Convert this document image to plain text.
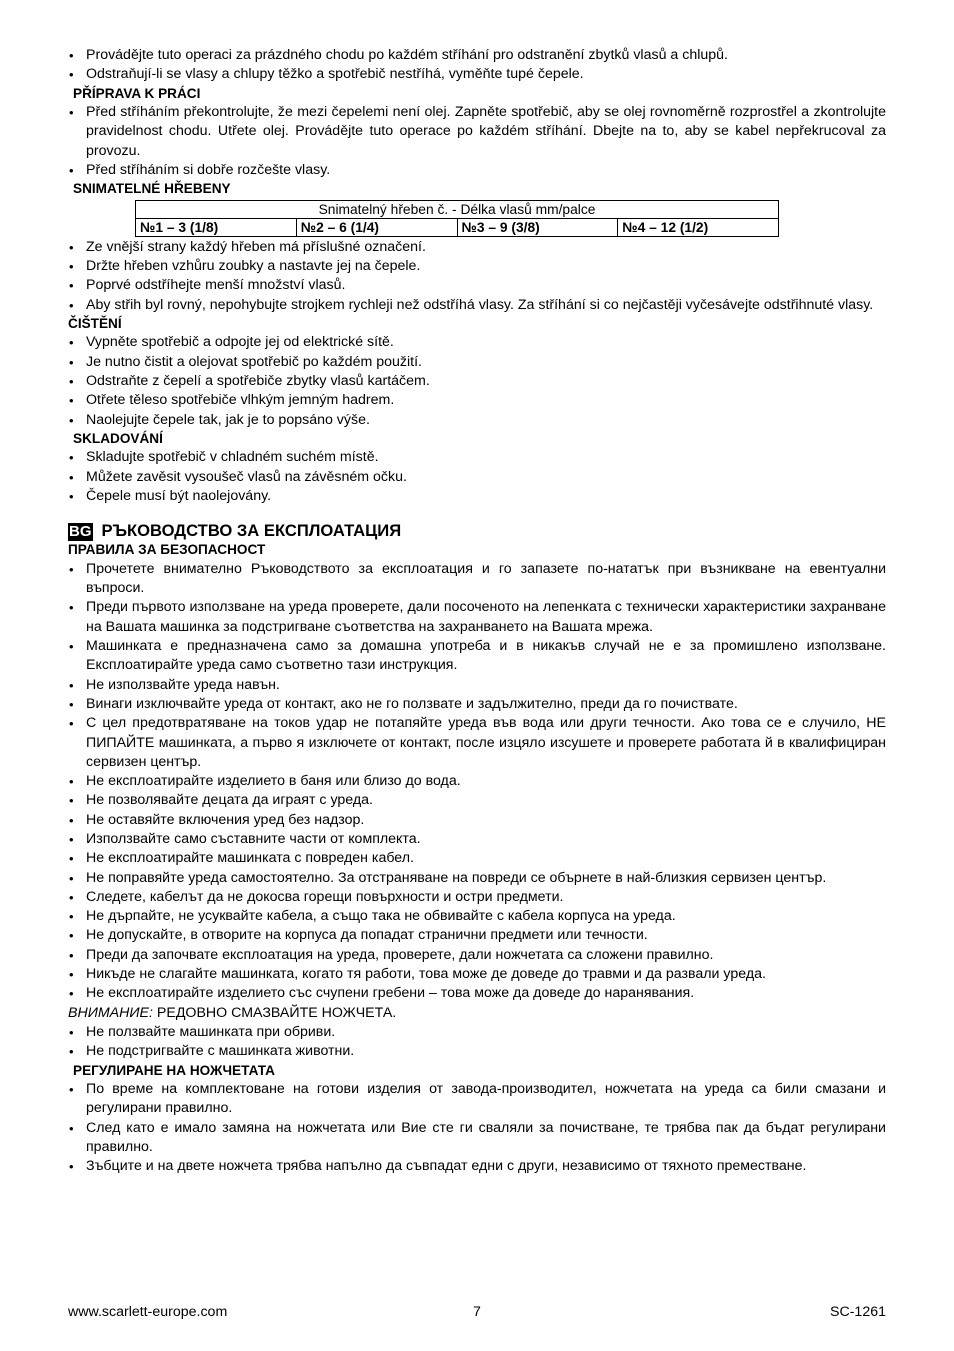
• Provádějte tuto operaci za prázdného chodu po každém stříhání pro odstranění zbytků vlasů a chlupů.
• Odstraňují-li se vlasy a chlupy těžko a spotřebič nestříhá, vyměňte tupé čepele.
PŘÍPRAVA K PRÁCI
• Před stříháním překontrolujte, že mezi čepelemi není olej. Zapněte spotřebič, aby se olej rovnoměrně rozprostřel a zkontrolujte pravidelnost chodu. Utřete olej. Provádějte tuto operace po každém stříhání. Dbejte na to, aby se kabel nepřekrucoval za provozu.
• Před stříháním si dobře rozčešte vlasy.
SNIMATELNÉ HŘEBENY
Snimatelný hřeben č. - Délka vlasů mm/palce
№1 – 3 (1/8)	№2 – 6 (1/4)	№3 – 9 (3/8)	№4 – 12 (1/2)
• Ze vnější strany každý hřeben má příslušné označení.
• Držte hřeben vzhůru zoubky a nastavte jej na čepele.
• Poprvé odstříhejte menší množství vlasů.
• Aby střih byl rovný, nepohybujte strojkem rychleji než odstříhá vlasy. Za stříhání si co nejčastěji vyčesávejte odstřihnuté vlasy.
ČIŠTĚNÍ
• Vypněte spotřebič a odpojte jej od elektrické sítě.
• Je nutno čistit a olejovat spotřebič po každém použití.
• Odstraňte z čepelí a spotřebiče zbytky vlasů kartáčem.
• Otřete těleso spotřebiče vlhkým jemným hadrem.
• Naolejujte čepele tak, jak je to popsáno výše.
SKLADOVÁNÍ
• Skladujte spotřebič v chladném suchém místě.
• Můžete zavěsit vysoušeč vlasů na závěsném očku.
• Čepele musí být naolejovány.
BG РЪКОВОДСТВО ЗА ЕКСПЛОАТАЦИЯ
ПРАВИЛА ЗА БЕЗОПАСНОСТ
• Прочетете внимателно Ръководството за експлоатация и го запазете по-нататък при възникване на евентуални въпроси.
• Преди първото използване на уреда проверете, дали посоченото на лепенката с технически характеристики захранване на Вашата машинка за подстригване съответства на захранването на Вашата мрежа.
• Машинката е предназначена само за домашна употреба и в никакъв случай не е за промишлено използване. Експлоатирайте уреда само съответно тази инструкция.
• Не използвайте уреда навън.
• Винаги изключвайте уреда от контакт, ако не го ползвате и задължително, преди да го почиствате.
• С цел предотвратяване на токов удар не потапяйте уреда във вода или други течности. Ако това се е случило, НЕ ПИПАЙТЕ машинката, а първо я изключете от контакт, после изцяло изсушете и проверете работата й в квалифициран сервизен център.
• Не експлоатирайте изделието в баня или близо до вода.
• Не позволявайте децата да играят с уреда.
• Не оставяйте включения уред без надзор.
• Използвайте само съставните части от комплекта.
• Не експлоатирайте машинката с повреден кабел.
• Не поправяйте уреда самостоятелно. За отстраняване на повреди се обърнете в най-близкия сервизен център.
• Следете, кабелът да не докосва горещи повърхности и остри предмети.
• Не дърпайте, не усуквайте кабела, а също така не обвивайте с кабела корпуса на уреда.
• Не допускайте, в отворите на корпуса да попадат странични предмети или течности.
• Преди да започвате експлоатация на уреда, проверете, дали ножчетата са сложени правилно.
• Никъде не слагайте машинката, когато тя работи, това може де доведе до травми и да развали уреда.
• Не експлоатирайте изделието със счупени гребени – това може да доведе до наранявания.
ВНИМАНИЕ: РЕДОВНО СМАЗВАЙТЕ НОЖЧЕТА.
• Не ползвайте машинката при обриви.
• Не подстригвайте с машинката животни.
РЕГУЛИРАНЕ НА НОЖЧЕТАТА
• По време на комплектоване на готови изделия от завода-производител, ножчетата на уреда са били смазани и регулирани правилно.
• След като е имало замяна на ножчетата или Вие сте ги сваляли за почистване, те трябва пак да бъдат регулирани правилно.
• Зъбците и на двете ножчета трябва напълно да съвпадат едни с други, независимо от тяхното преместване.
www.scarlett-europe.com	7	SC-1261
